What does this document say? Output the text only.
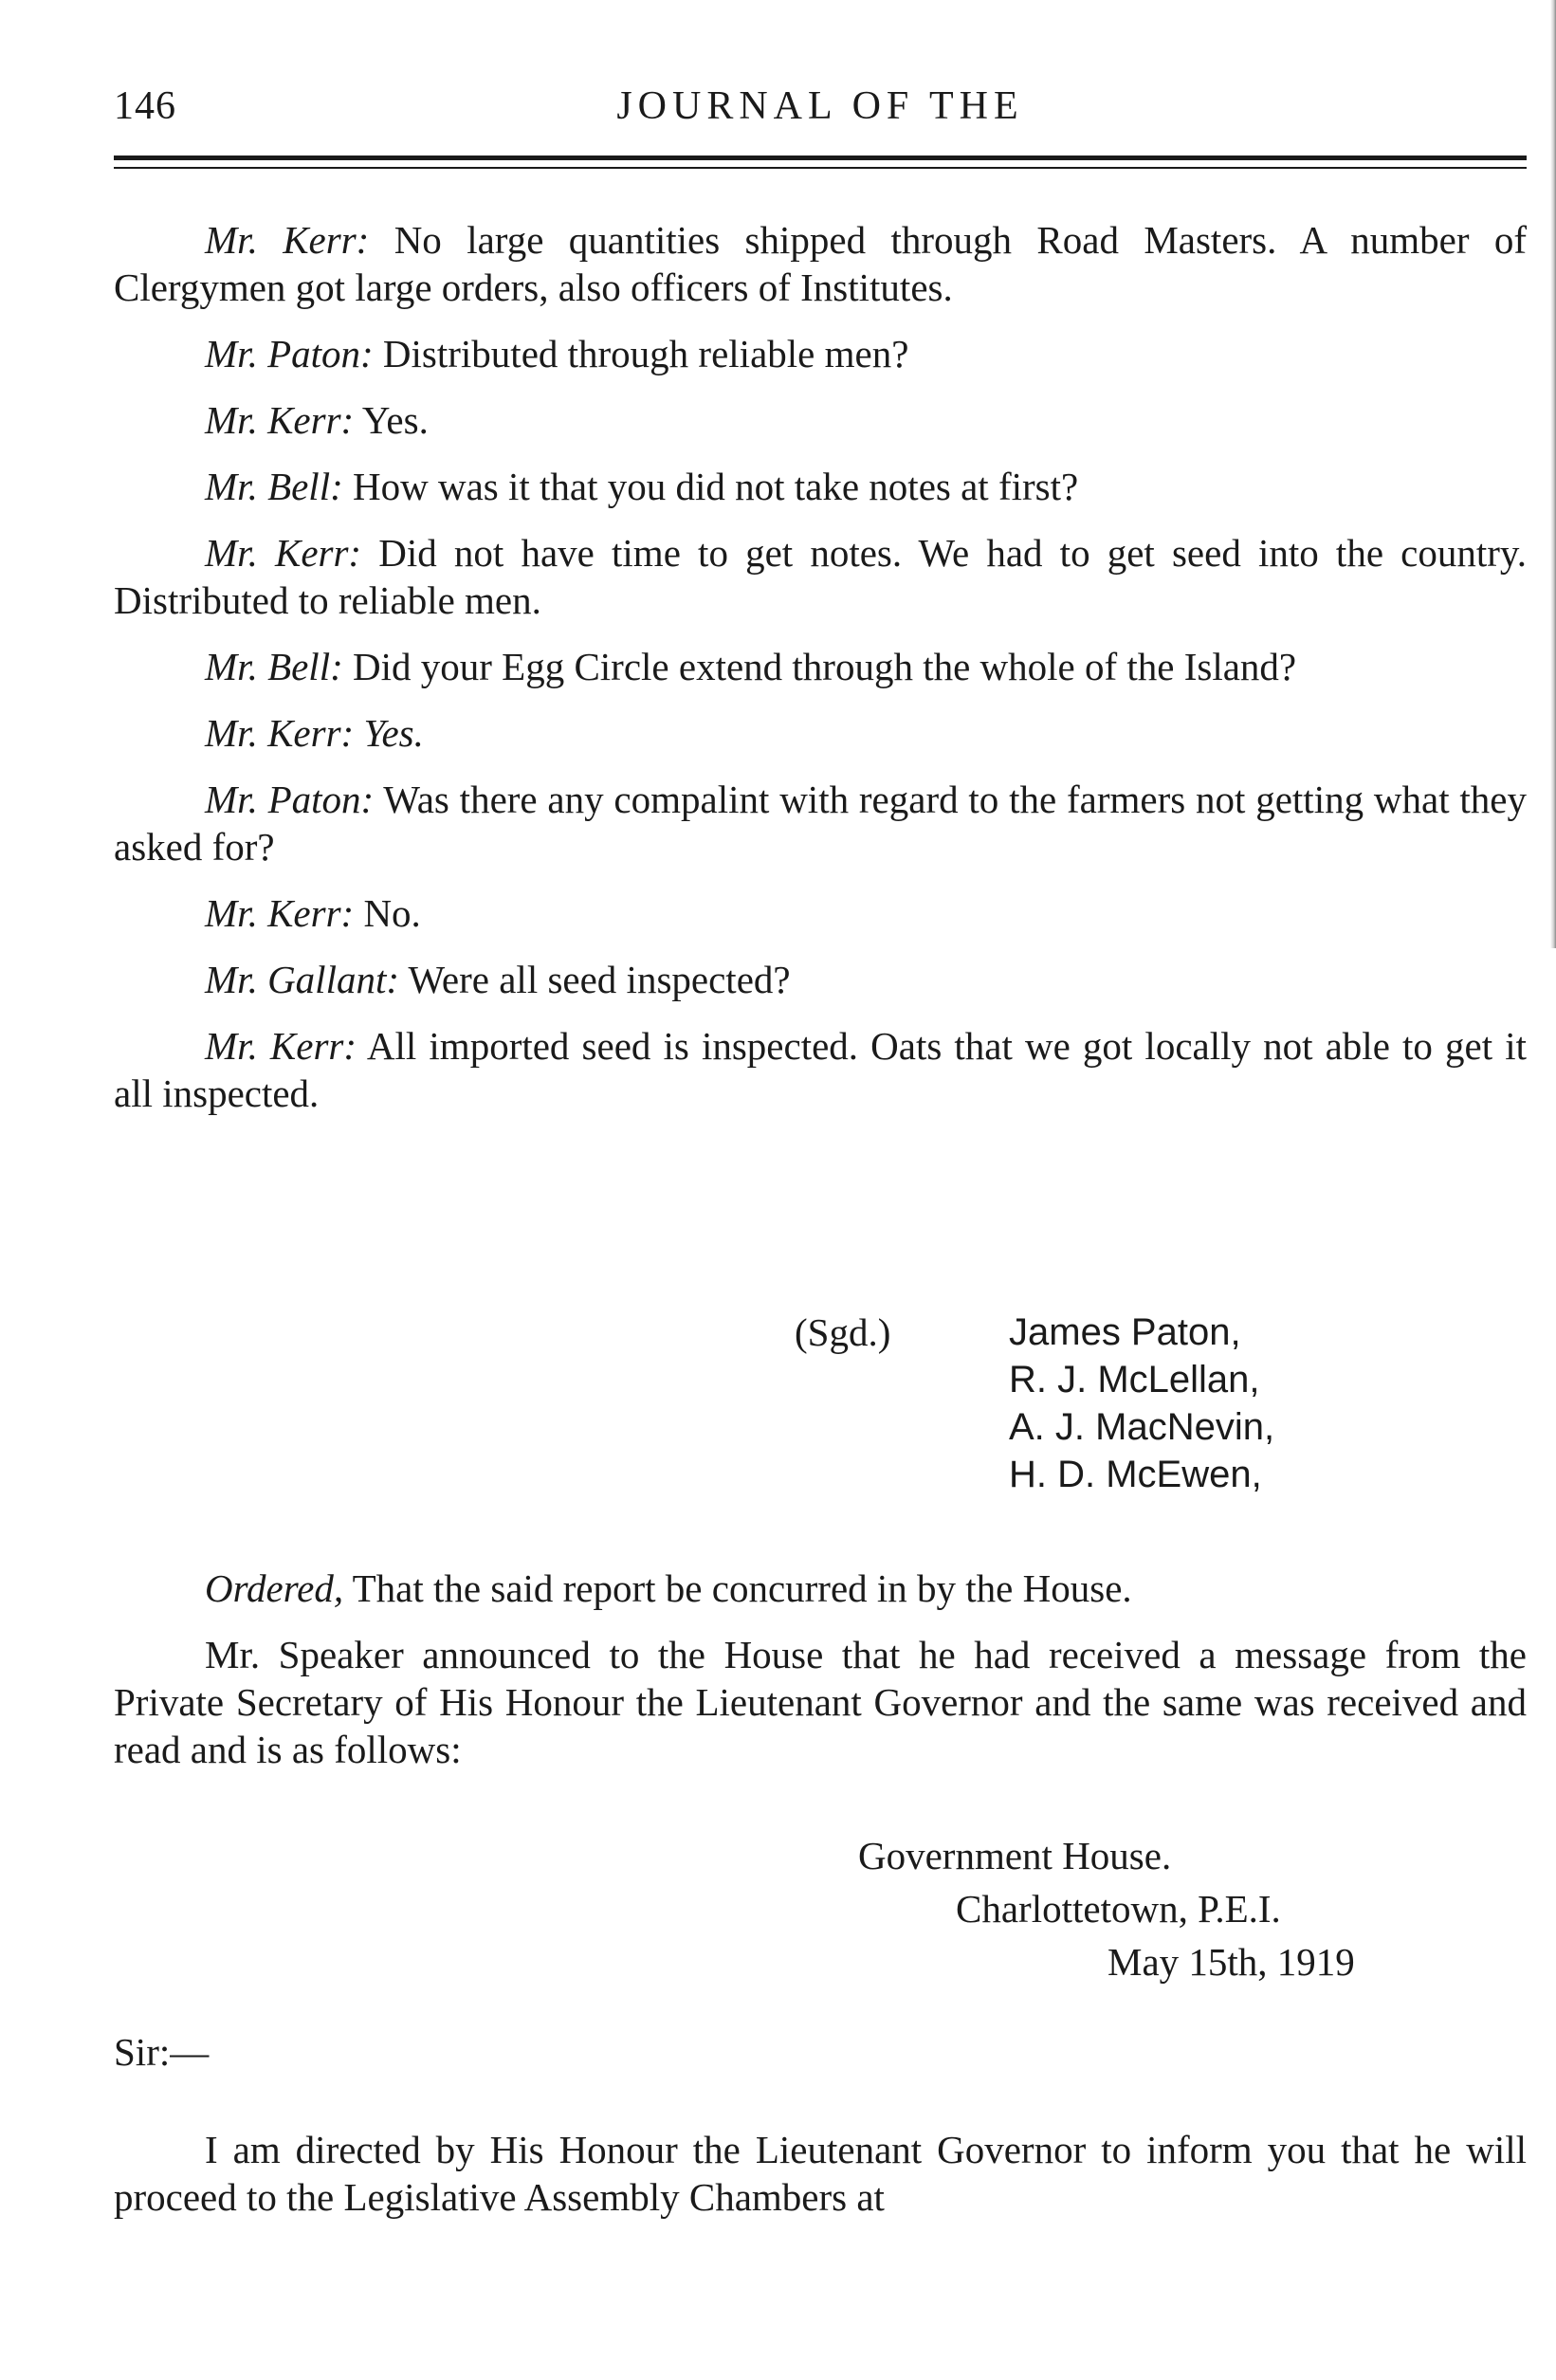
146	JOURNAL OF THE

Mr. Kerr: No large quantities shipped through Road Masters. A number of Clergymen got large orders, also officers of Institutes.

Mr. Paton: Distributed through reliable men?

Mr. Kerr: Yes.

Mr. Bell: How was it that you did not take notes at first?

Mr. Kerr: Did not have time to get notes. We had to get seed into the country. Distributed to reliable men.

Mr. Bell: Did your Egg Circle extend through the whole of the Island?

Mr. Kerr: Yes.

Mr. Paton: Was there any compalint with regard to the farmers not getting what they asked for?

Mr. Kerr: No.

Mr. Gallant: Were all seed inspected?

Mr. Kerr: All imported seed is inspected. Oats that we got locally not able to get it all inspected.

(Sgd.)	James Paton,
R. J. McLellan,
A. J. MacNevin,
H. D. McEwen,

Ordered, That the said report be concurred in by the House.

Mr. Speaker announced to the House that he had received a message from the Private Secretary of His Honour the Lieutenant Governor and the same was received and read and is as follows:

Government House.
Charlottetown, P.E.I.
May 15th, 1919
Sir:—

I am directed by His Honour the Lieutenant Governor to inform you that he will proceed to the Legislative Assembly Chambers at
